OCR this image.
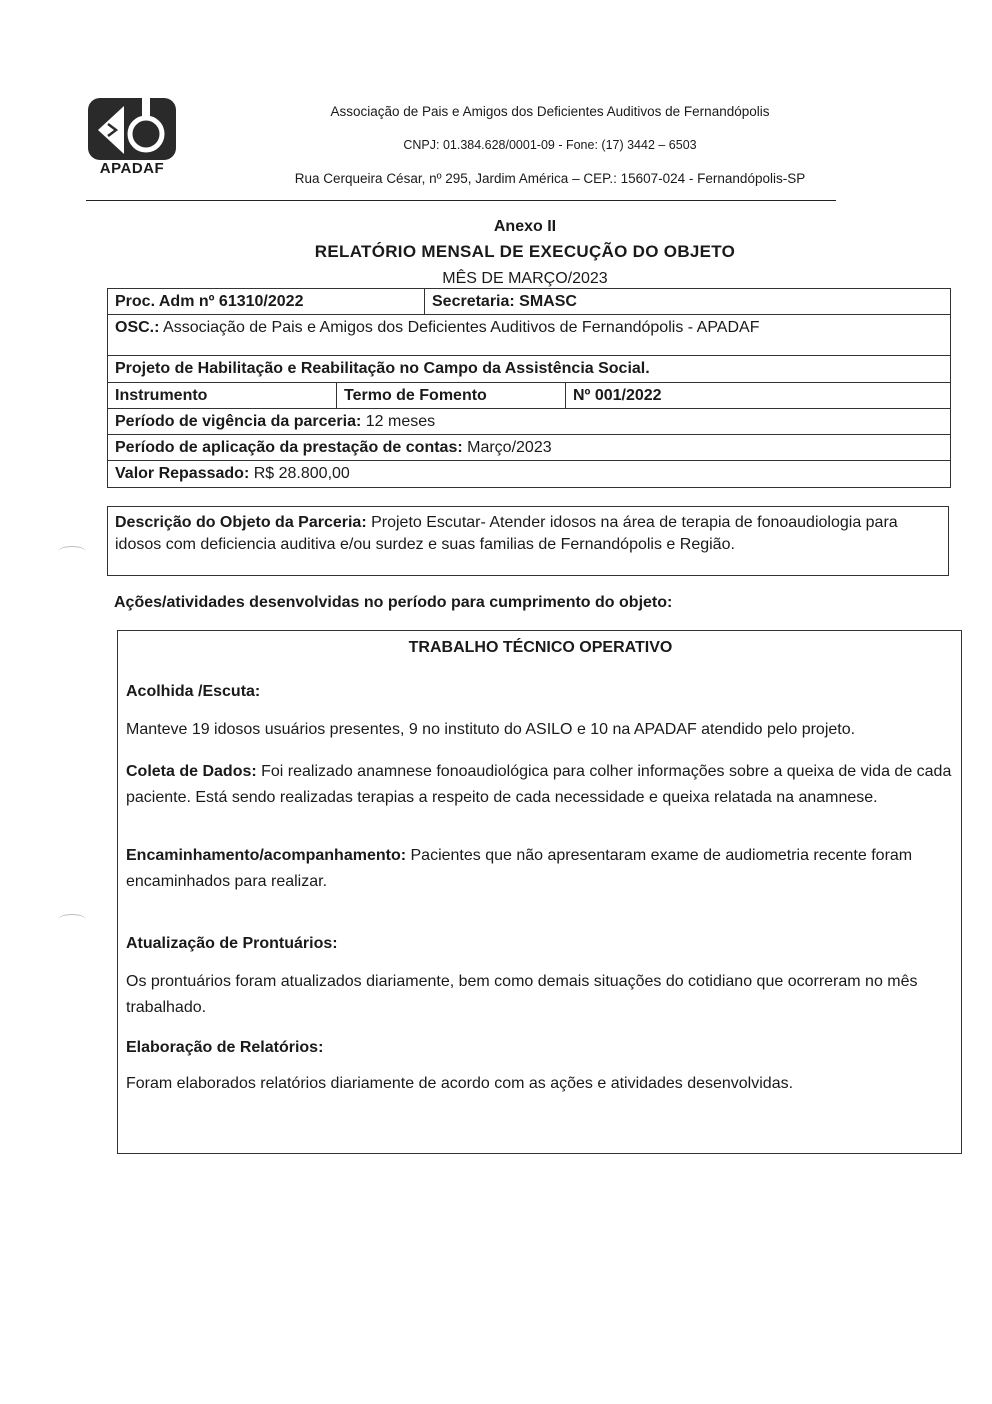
APADAF
Associação de Pais e Amigos dos Deficientes Auditivos de Fernandópolis
CNPJ: 01.384.628/0001-09 - Fone: (17) 3442 – 6503
Rua Cerqueira César, nº 295, Jardim América – CEP.: 15607-024 - Fernandópolis-SP
Anexo II
RELATÓRIO MENSAL DE EXECUÇÃO DO OBJETO
MÊS DE MARÇO/2023
Proc. Adm nº 61310/2022	Secretaria: SMASC
OSC.: Associação de Pais e Amigos dos Deficientes Auditivos de Fernandópolis - APADAF
Projeto de Habilitação e Reabilitação no Campo da Assistência Social.
Instrumento	Termo de Fomento	Nº 001/2022
Período de vigência da parceria: 12 meses
Período de aplicação da prestação de contas: Março/2023
Valor Repassado: R$ 28.800,00
Descrição do Objeto da Parceria: Projeto Escutar- Atender idosos na área de terapia de fonoaudiologia para idosos com deficiencia auditiva e/ou surdez e suas familias de Fernandópolis e Região.
Ações/atividades desenvolvidas no período para cumprimento do objeto:
TRABALHO TÉCNICO OPERATIVO
Acolhida /Escuta:
Manteve 19 idosos usuários presentes, 9 no instituto do ASILO e 10 na APADAF atendido pelo projeto.
Coleta de Dados: Foi realizado anamnese fonoaudiológica para colher informações sobre a queixa de vida de cada paciente. Está sendo realizadas terapias a respeito de cada necessidade e queixa relatada na anamnese.
Encaminhamento/acompanhamento: Pacientes que não apresentaram exame de audiometria recente foram encaminhados para realizar.
Atualização de Prontuários:
Os prontuários foram atualizados diariamente, bem como demais situações do cotidiano que ocorreram no mês trabalhado.
Elaboração de Relatórios:
Foram elaborados relatórios diariamente de acordo com as ações e atividades desenvolvidas.
